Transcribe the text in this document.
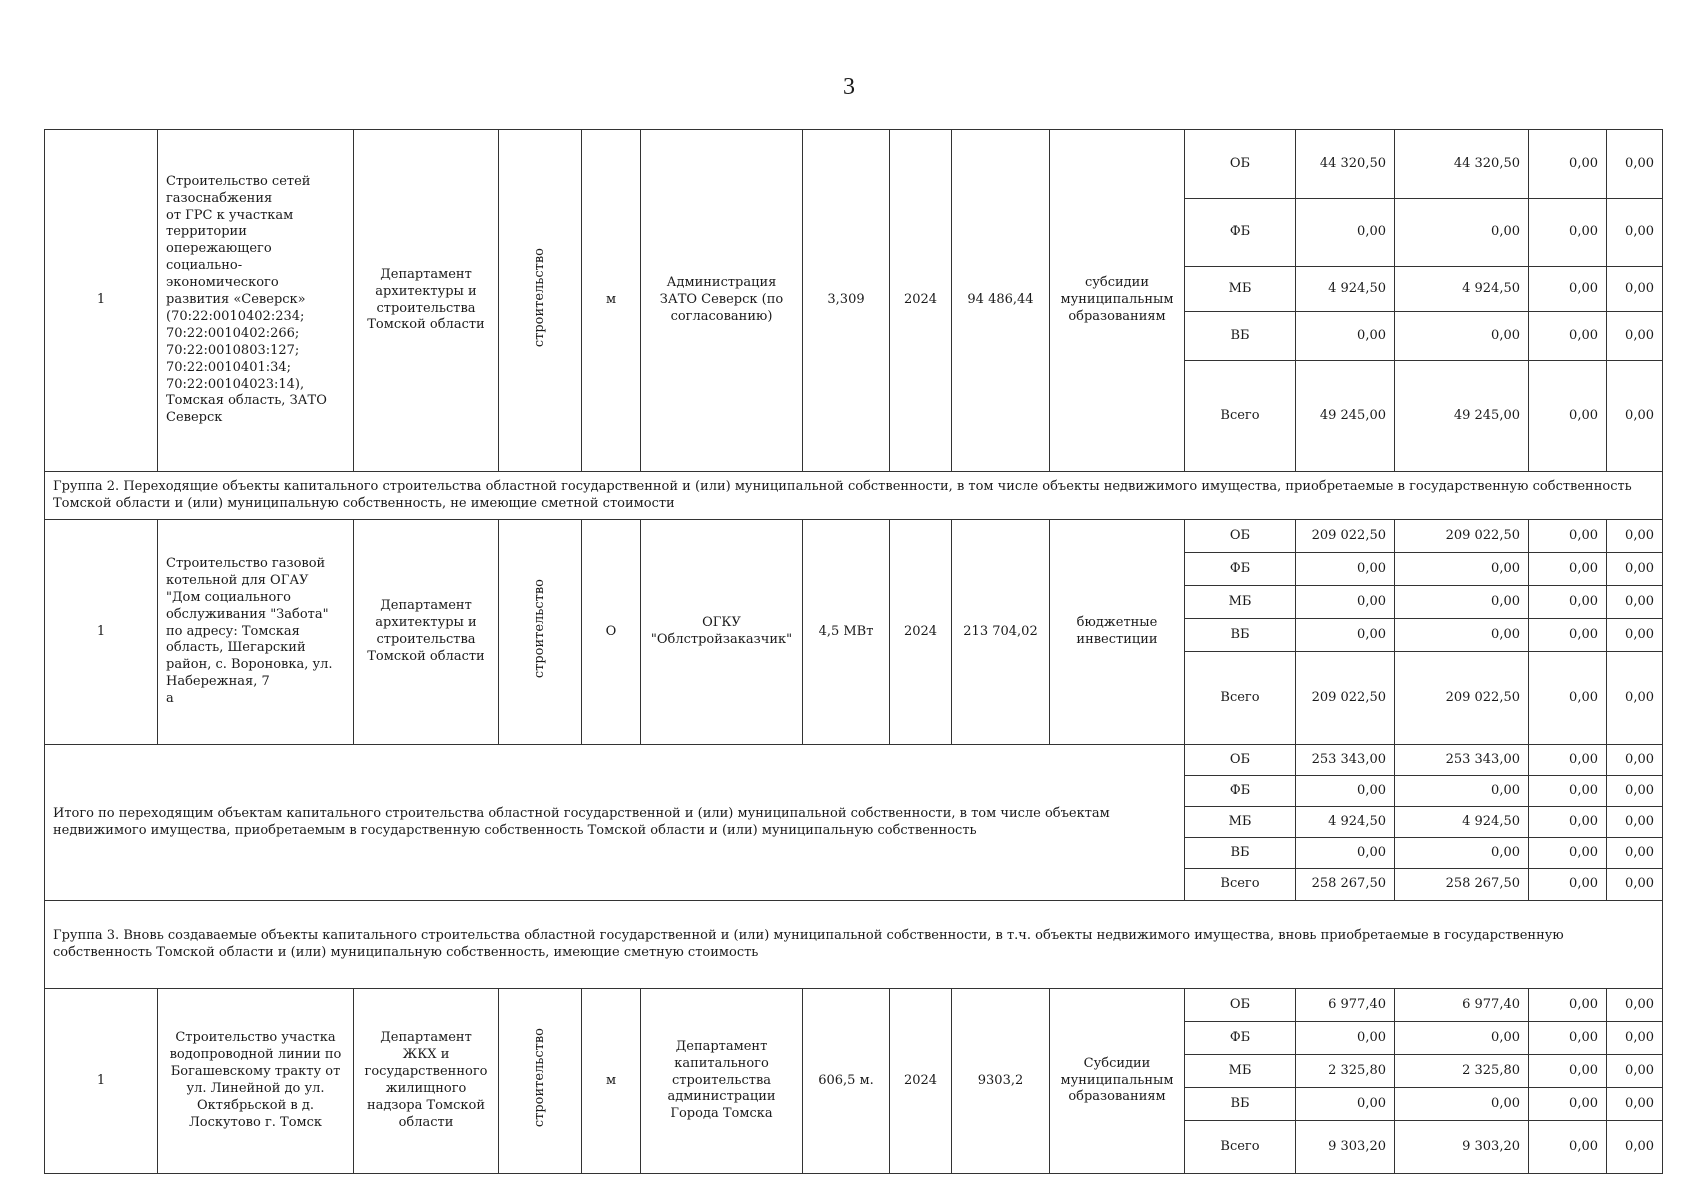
3
1	Строительство сетей газоснабжения
от ГРС к участкам территории опережающего социально-экономического развития «Северск» (70:22:0010402:234; 70:22:0010402:266; 70:22:0010803:127; 70:22:0010401:34; 70:22:00104023:14), Томская область, ЗАТО Северск	Департамент архитектуры и строительства Томской области	строительство	м	Администрация ЗАТО Северск (по согласованию)	3,309	2024	94 486,44	субсидии муниципальным образованиям	ОБ	44 320,50	44 320,50	0,00	0,00
										ФБ	0,00	0,00	0,00	0,00
										МБ	4 924,50	4 924,50	0,00	0,00
										ВБ	0,00	0,00	0,00	0,00
										Всего	49 245,00	49 245,00	0,00	0,00
Группа 2. Переходящие объекты капитального строительства областной государственной и (или) муниципальной собственности, в том числе объекты недвижимого имущества, приобретаемые в государственную собственность Томской области и (или) муниципальную собственность, не имеющие сметной стоимости														
1	Строительство газовой котельной для ОГАУ "Дом социального обслуживания "Забота" по адресу: Томская область, Шегарский район, с. Вороновка, ул. Набережная, 7
а	Департамент архитектуры и строительства Томской области	строительство	О	ОГКУ "Облстройзаказчик"	4,5 МВт	2024	213 704,02	бюджетные инвестиции	ОБ	209 022,50	209 022,50	0,00	0,00
										ФБ	0,00	0,00	0,00	0,00
										МБ	0,00	0,00	0,00	0,00
										ВБ	0,00	0,00	0,00	0,00
										Всего	209 022,50	209 022,50	0,00	0,00
Итого по переходящим объектам капитального строительства областной государственной и (или) муниципальной собственности, в том числе объектам недвижимого имущества, приобретаемым в государственную собственность Томской области и (или) муниципальную собственность										ОБ	253 343,00	253 343,00	0,00	0,00
										ФБ	0,00	0,00	0,00	0,00
										МБ	4 924,50	4 924,50	0,00	0,00
										ВБ	0,00	0,00	0,00	0,00
										Всего	258 267,50	258 267,50	0,00	0,00
Группа 3. Вновь создаваемые объекты капитального строительства областной государственной и (или) муниципальной собственности, в т.ч. объекты недвижимого имущества, вновь приобретаемые в государственную собственность Томской области и (или) муниципальную собственность, имеющие сметную стоимость														
1	Строительство участка водопроводной линии по Богашевскому тракту от ул. Линейной до ул. Октябрьской в д. Лоскутово г. Томск	Департамент ЖКХ и государственного жилищного надзора Томской области	строительство	м	Департамент капитального строительства администрации Города Томска	606,5 м.	2024	9303,2	Субсидии муниципальным образованиям	ОБ	6 977,40	6 977,40	0,00	0,00
										ФБ	0,00	0,00	0,00	0,00
										МБ	2 325,80	2 325,80	0,00	0,00
										ВБ	0,00	0,00	0,00	0,00
										Всего	9 303,20	9 303,20	0,00	0,00
